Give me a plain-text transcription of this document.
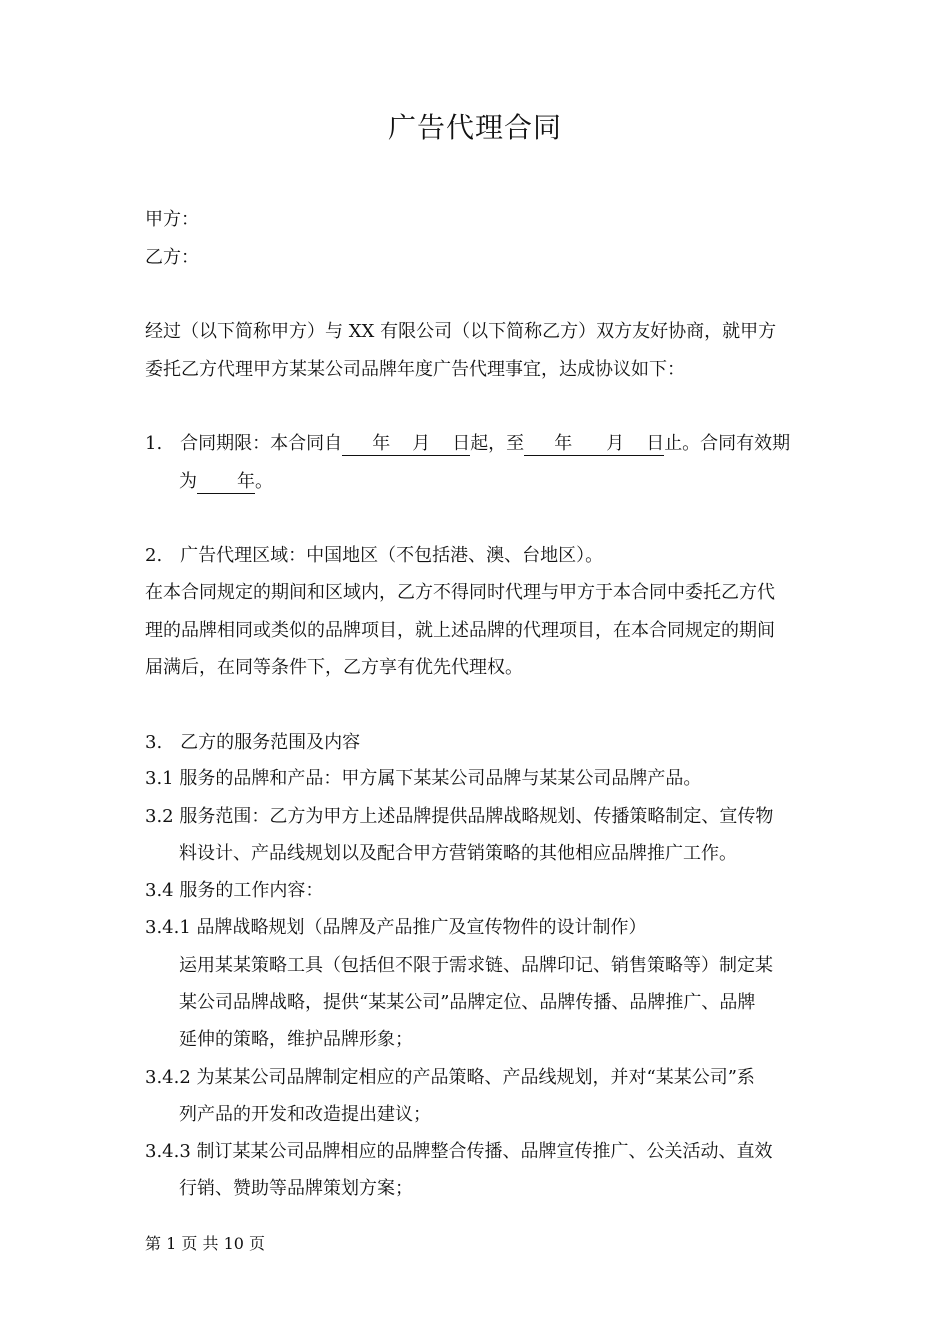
广告代理合同
甲方：
乙方：
经过（以下简称甲方）与 XX 有限公司（以下简称乙方）双方友好协商，就甲方
委托乙方代理甲方某某公司品牌年度广告代理事宜，达成协议如下：
1.　合同期限：本合同自 年 月 日起，至 年 月 日止。合同有效期
为 年。
2.　广告代理区域：中国地区（不包括港、澳、台地区）。
在本合同规定的期间和区域内，乙方不得同时代理与甲方于本合同中委托乙方代
理的品牌相同或类似的品牌项目，就上述品牌的代理项目，在本合同规定的期间
届满后，在同等条件下，乙方享有优先代理权。
3.　乙方的服务范围及内容
3.1 服务的品牌和产品：甲方属下某某公司品牌与某某公司品牌产品。
3.2 服务范围：乙方为甲方上述品牌提供品牌战略规划、传播策略制定、宣传物
料设计、产品线规划以及配合甲方营销策略的其他相应品牌推广工作。
3.4 服务的工作内容：
3.4.1 品牌战略规划（品牌及产品推广及宣传物件的设计制作）
运用某某策略工具（包括但不限于需求链、品牌印记、销售策略等）制定某
某公司品牌战略，提供“某某公司”品牌定位、品牌传播、品牌推广、品牌
延伸的策略，维护品牌形象；
3.4.2 为某某公司品牌制定相应的产品策略、产品线规划，并对“某某公司”系
列产品的开发和改造提出建议；
3.4.3 制订某某公司品牌相应的品牌整合传播、品牌宣传推广、公关活动、直效
行销、赞助等品牌策划方案；
第 1 页 共 10 页
